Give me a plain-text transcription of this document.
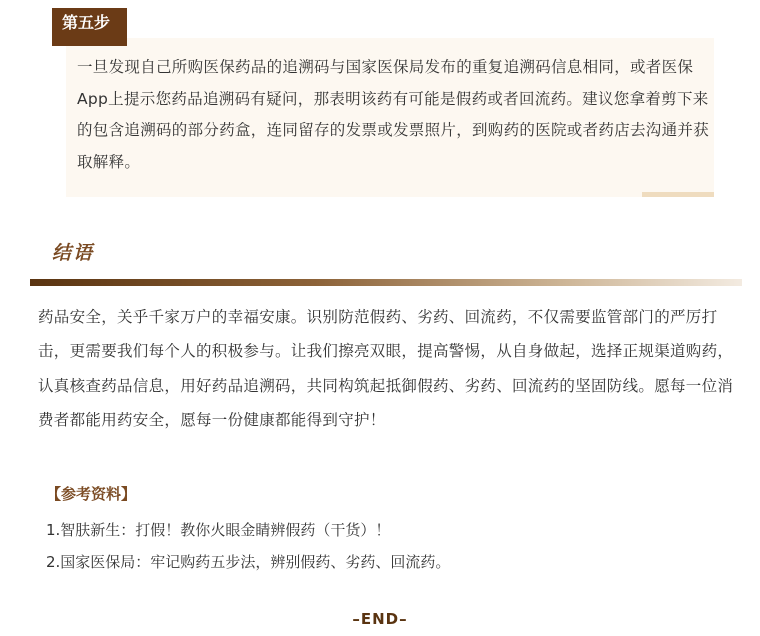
一旦发现自己所购医保药品的追溯码与国家医保局发布的重复追溯码信息相同，或者医保App上提示您药品追溯码有疑问，那表明该药有可能是假药或者回流药。建议您拿着剪下来的包含追溯码的部分药盒，连同留存的发票或发票照片，到购药的医院或者药店去沟通并获取解释。

第五步
结语

药品安全，关乎千家万户的幸福安康。识别防范假药、劣药、回流药，不仅需要监管部门的严厉打击，更需要我们每个人的积极参与。让我们擦亮双眼，提高警惕，从自身做起，选择正规渠道购药，认真核查药品信息，用好药品追溯码，共同构筑起抵御假药、劣药、回流药的坚固防线。愿每一位消费者都能用药安全，愿每一份健康都能得到守护！

【参考资料】
1.智肤新生：打假！教你火眼金睛辨假药（干货）！
2.国家医保局：牢记购药五步法，辨别假药、劣药、回流药。
–END–
